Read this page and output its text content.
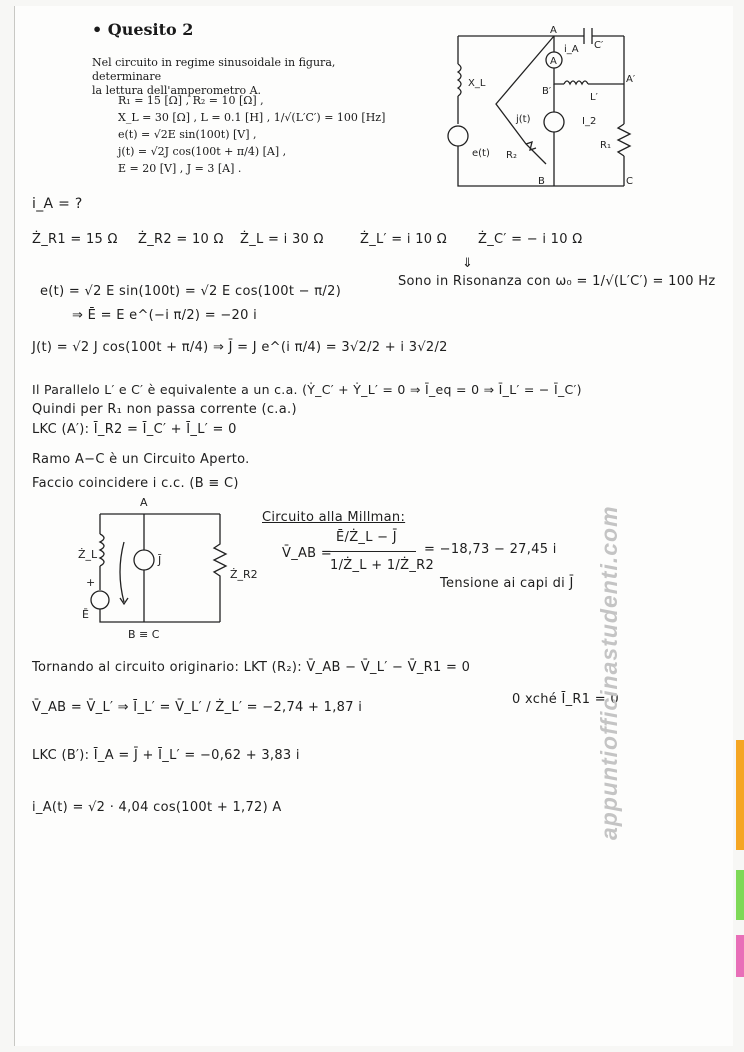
• Quesito 2
Nel circuito in regime sinusoidale in figura, determinare
la lettura dell'amperometro A.
R₁ = 15 [Ω] , R₂ = 10 [Ω] ,
X_L = 30 [Ω] , L = 0.1 [H] , 1/√(L′C′) = 100 [Hz]
e(t) = √2E sin(100t) [V] ,
j(t) = √2J cos(100t + π/4) [A] ,
E = 20 [V] , J = 3 [A] .
A
C′
i_A
A
X_L
B′
L′
A′
j(t)	I_2
R₂
R₁
e(t)
B	C
i_A = ?
Ż_R1 = 15 Ω Ż_R2 = 10 Ω Ż_L = i 30 Ω	Ż_L′ = i 10 Ω Ż_C′ = − i 10 Ω
⇓
Sono in Risonanza con ω₀ = 1/√(L′C′) = 100 Hz
e(t) = √2 E sin(100t) = √2 E cos(100t − π/2)
⇒ Ē = E e^(−i π/2) = −20 i
J(t) = √2 J cos(100t + π/4) ⇒ J̄ = J e^(i π/4) = 3√2/2 + i 3√2/2
Il Parallelo L′ e C′ è equivalente a un c.a. (Ẏ_C′ + Ẏ_L′ = 0 ⇒ Ī_eq = 0 ⇒ Ī_L′ = − Ī_C′)
Quindi per R₁ non passa corrente (c.a.)
LKC (A′): Ī_R2 = Ī_C′ + Ī_L′ = 0
Ramo A−C è un Circuito Aperto.
Faccio coincidere i c.c. (B ≡ C)
A
Ż_L
+
Ē
J̄
Ż_R2
B ≡ C
Circuito alla Millman:
V̄_AB =
Ē/Ż_L − J̄
1/Ż_L + 1/Ż_R2
= −18,73 − 27,45 i
Tensione ai capi di J̄
Tornando al circuito originario: LKT (R₂): V̄_AB − V̄_L′ − V̄_R1 = 0
0 xché Ī_R1 = 0
V̄_AB = V̄_L′ ⇒ Ī_L′ = V̄_L′ / Ż_L′ = −2,74 + 1,87 i
LKC (B′): Ī_A = J̄ + Ī_L′ = −0,62 + 3,83 i
i_A(t) = √2 · 4,04 cos(100t + 1,72) A	appuntiofficinastudenti.com
